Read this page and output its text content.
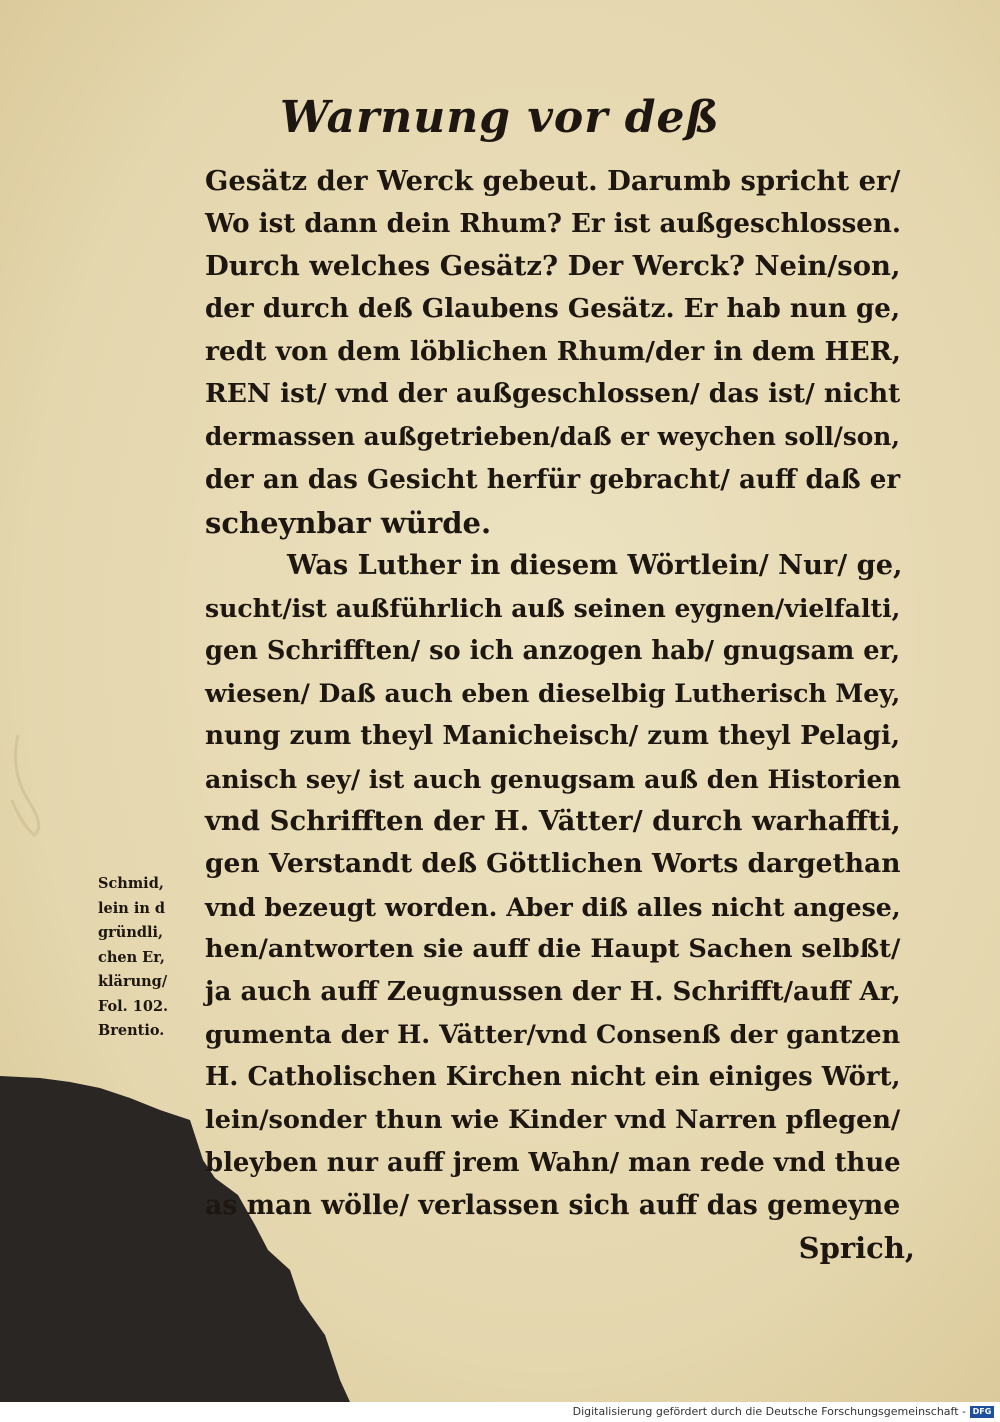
Warnung vor deß
Gesätz der Werck gebeut. Darumb spricht er/
Wo ist dann dein Rhum? Er ist außgeschlossen.
Durch welches Gesätz? Der Werck? Nein/son,
der durch deß Glaubens Gesätz. Er hab nun ge,
redt von dem löblichen Rhum/der in dem HER,
REN ist/ vnd der außgeschlossen/ das ist/ nicht
dermassen außgetrieben/daß er weychen soll/son,
der an das Gesicht herfür gebracht/ auff daß er
scheynbar würde.
Was Luther in diesem Wörtlein/ Nur/ ge,
sucht/ist außführlich auß seinen eygnen/vielfalti,
gen Schrifften/ so ich anzogen hab/ gnugsam er,
wiesen/ Daß auch eben dieselbig Lutherisch Mey,
nung zum theyl Manicheisch/ zum theyl Pelagi,
anisch sey/ ist auch genugsam auß den Historien
vnd Schrifften der H. Vätter/ durch warhaffti,
gen Verstandt deß Göttlichen Worts dargethan
vnd bezeugt worden. Aber diß alles nicht angese,
hen/antworten sie auff die Haupt Sachen selbßt/
ja auch auff Zeugnussen der H. Schrifft/auff Ar,
gumenta der H. Vätter/vnd Consenß der gantzen
H. Catholischen Kirchen nicht ein einiges Wört,
lein/sonder thun wie Kinder vnd Narren pflegen/
bleyben nur auff jrem Wahn/ man rede vnd thue
as man wölle/ verlassen sich auff das gemeyne
Sprich,
Schmid,
lein in d
gründli,
chen Er,
klärung/
Fol. 102.
Brentio.
Digitalisierung gefördert durch die Deutsche Forschungsgemeinschaft - DFG
